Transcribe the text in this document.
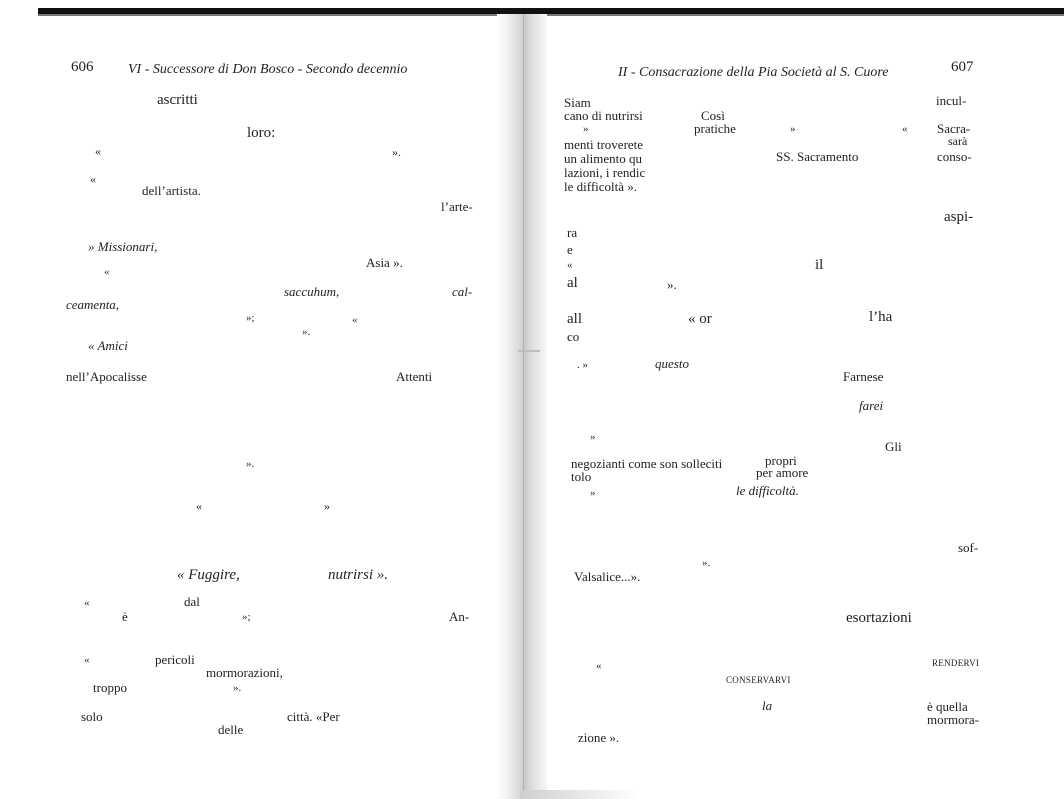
606 VI - Successore di Don Bosco - Secondo decennio
ascritti
loro:
«	».
«
dell’artista.
l’arte-
» Missionari,
«
Asia ».
saccuhum,	cal-
ceamenta,
»;	«
».
« Amici
nell’Apocalisse	Attenti
».
«	»
« Fuggire,	nutrirsi ».
«	dal
è	»;	An-
«	pericoli
mormorazioni,
troppo	».
solo	città. «Per
delle
II - Consacrazione della Pia Società al S. Cuore	607
Siam
cano di nutrirsi	Così
pratiche
incul-
»	»	« Sacra-
sarà
menti troverete
un alimento qu	SS. Sacramento	conso-
lazioni, i rendic
le difficoltà ».
aspi-
ra
e
«	il
al	».
all	« or	l’ha
co
. »	questo
Farnese
farei
»
Gli
negozianti come son solleciti	propri
tolo	per amore
»	le difficoltà.
sof-
».
Valsalice...».
esortazioni
«	RENDERVI
CONSERVARVI
la	è quella
mormora-
zione ».
